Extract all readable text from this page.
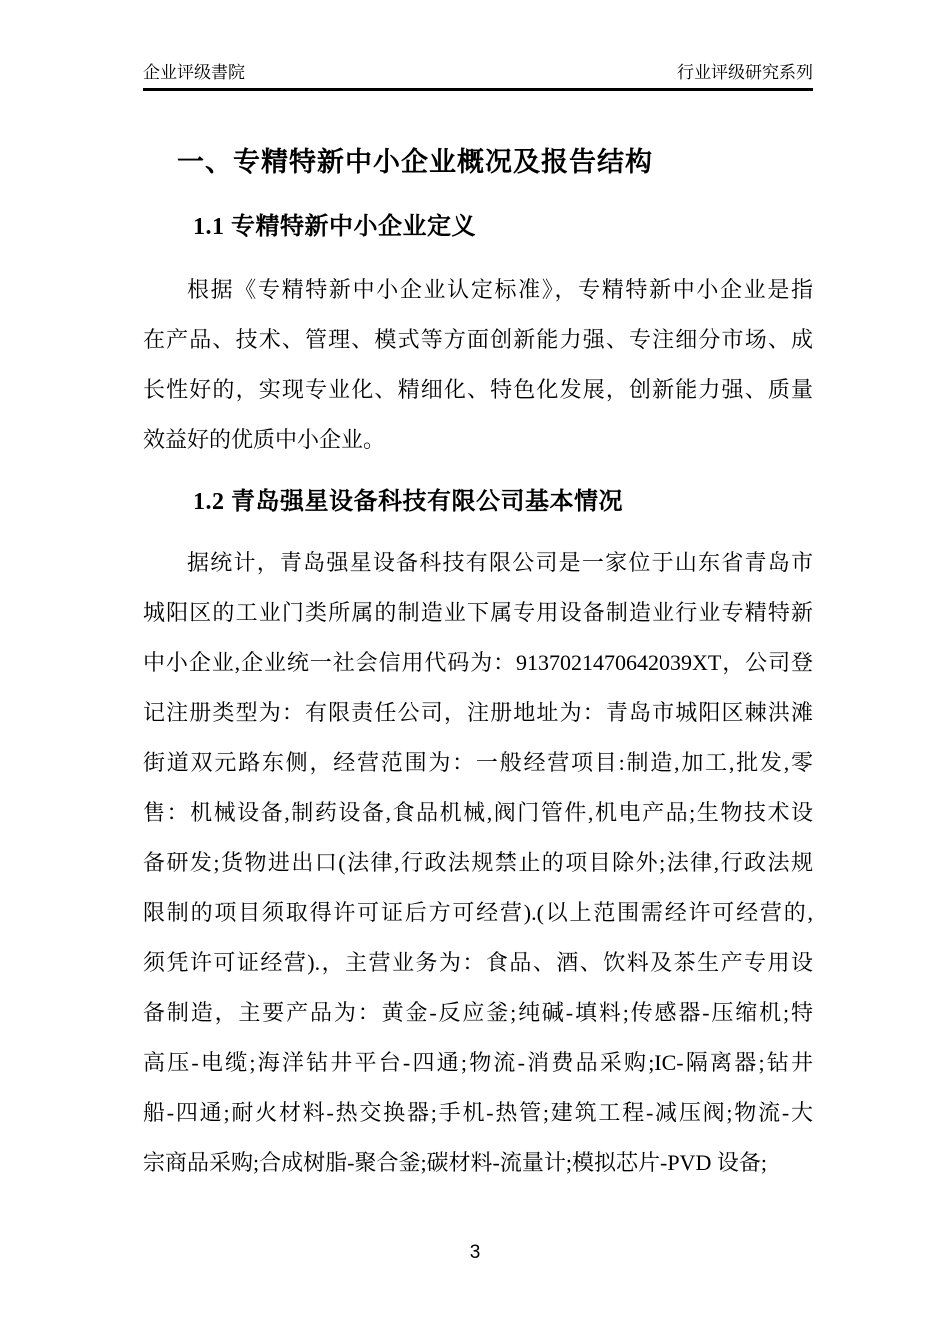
企业评级書院	行业评级研究系列
一、专精特新中小企业概况及报告结构
1.1 专精特新中小企业定义
根据《专精特新中小企业认定标准》，专精特新中小企业是指
在产品、技术、管理、模式等方面创新能力强、专注细分市场、成
长性好的，实现专业化、精细化、特色化发展，创新能力强、质量
效益好的优质中小企业。
1.2 青岛强星设备科技有限公司基本情况
据统计，青岛强星设备科技有限公司是一家位于山东省青岛市
城阳区的工业门类所属的制造业下属专用设备制造业行业专精特新
中小企业,企业统一社会信用代码为：9137021470642039XT，公司登
记注册类型为：有限责任公司，注册地址为：青岛市城阳区棘洪滩
街道双元路东侧，经营范围为：一般经营项目:制造,加工,批发,零
售：机械设备,制药设备,食品机械,阀门管件,机电产品;生物技术设
备研发;货物进出口(法律,行政法规禁止的项目除外;法律,行政法规
限制的项目须取得许可证后方可经营).(以上范围需经许可经营的,
须凭许可证经营).，主营业务为：食品、酒、饮料及茶生产专用设
备制造，主要产品为：黄金-反应釜;纯碱-填料;传感器-压缩机;特
高压-电缆;海洋钻井平台-四通;物流-消费品采购;IC-隔离器;钻井
船-四通;耐火材料-热交换器;手机-热管;建筑工程-减压阀;物流-大
宗商品采购;合成树脂-聚合釜;碳材料-流量计;模拟芯片-PVD 设备;
3
